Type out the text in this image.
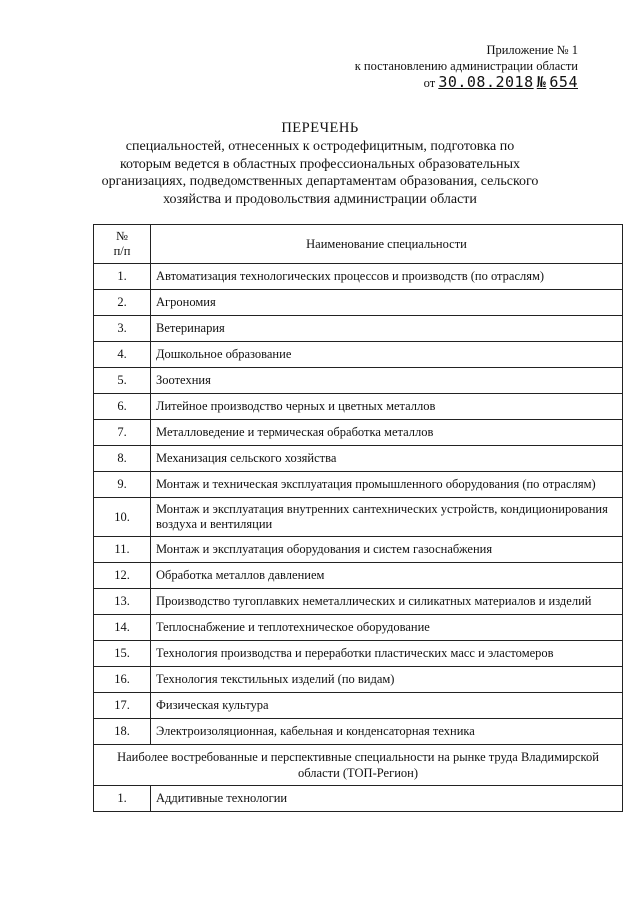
Приложение № 1
к постановлению администрации области
от 30.08.2018 № 654
ПЕРЕЧЕНЬ
специальностей, отнесенных к остродефицитным, подготовка по которым ведется в областных профессиональных образовательных организациях, подведомственных департаментам образования, сельского хозяйства и продовольствия администрации области
№
п/п	Наименование специальности
1.	Автоматизация технологических процессов и производств (по отраслям)
2.	Агрономия
3.	Ветеринария
4.	Дошкольное образование
5.	Зоотехния
6.	Литейное производство черных и цветных металлов
7.	Металловедение и термическая обработка металлов
8.	Механизация сельского хозяйства
9.	Монтаж и техническая эксплуатация промышленного оборудования (по отраслям)
10.	Монтаж и эксплуатация внутренних сантехнических устройств, кондиционирования воздуха и вентиляции
11.	Монтаж и эксплуатация оборудования и систем газоснабжения
12.	Обработка металлов давлением
13.	Производство тугоплавких неметаллических и силикатных материалов и изделий
14.	Теплоснабжение и теплотехническое оборудование
15.	Технология производства и переработки пластических масс и эластомеров
16.	Технология текстильных изделий (по видам)
17.	Физическая культура
18.	Электроизоляционная, кабельная и конденсаторная техника
Наиболее востребованные и перспективные специальности на рынке труда Владимирской области (ТОП-Регион)	
1.	Аддитивные технологии
